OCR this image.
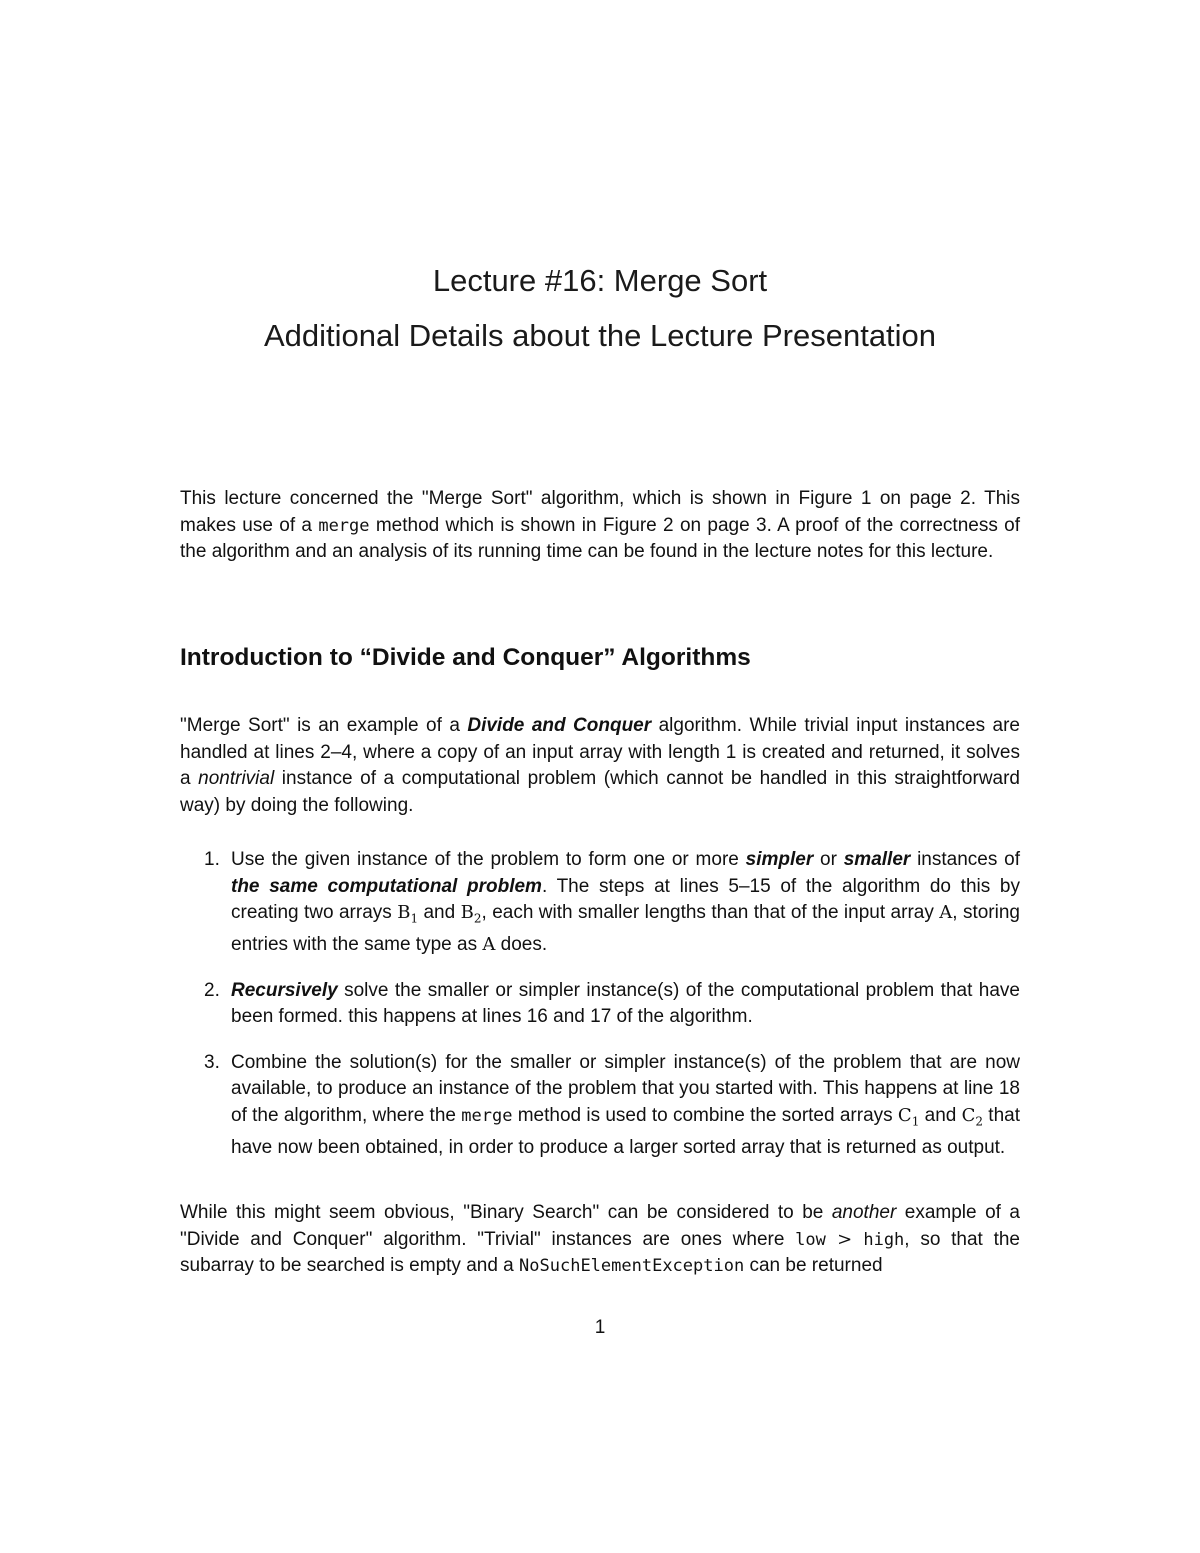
Lecture #16: Merge Sort
Additional Details about the Lecture Presentation

This lecture concerned the "Merge Sort" algorithm, which is shown in Figure 1 on page 2. This makes use of a merge method which is shown in Figure 2 on page 3. A proof of the correctness of the algorithm and an analysis of its running time can be found in the lecture notes for this lecture.

Introduction to “Divide and Conquer” Algorithms

"Merge Sort" is an example of a Divide and Conquer algorithm. While trivial input instances are handled at lines 2–4, where a copy of an input array with length 1 is created and returned, it solves a nontrivial instance of a computational problem (which cannot be handled in this straightforward way) by doing the following.

1. Use the given instance of the problem to form one or more simpler or smaller instances of the same computational problem. The steps at lines 5–15 of the algorithm do this by creating two arrays $B_1$ and $B_2$, each with smaller lengths than that of the input array A, storing entries with the same type as A does.
2. Recursively solve the smaller or simpler instance(s) of the computational problem that have been formed. this happens at lines 16 and 17 of the algorithm.
3. Combine the solution(s) for the smaller or simpler instance(s) of the problem that are now available, to produce an instance of the problem that you started with. This happens at line 18 of the algorithm, where the merge method is used to combine the sorted arrays $C_1$ and $C_2$ that have now been obtained, in order to produce a larger sorted array that is returned as output.

While this might seem obvious, "Binary Search" can be considered to be another example of a "Divide and Conquer" algorithm. "Trivial" instances are ones where low > high, so that the subarray to be searched is empty and a NoSuchElementException can be returned

1
